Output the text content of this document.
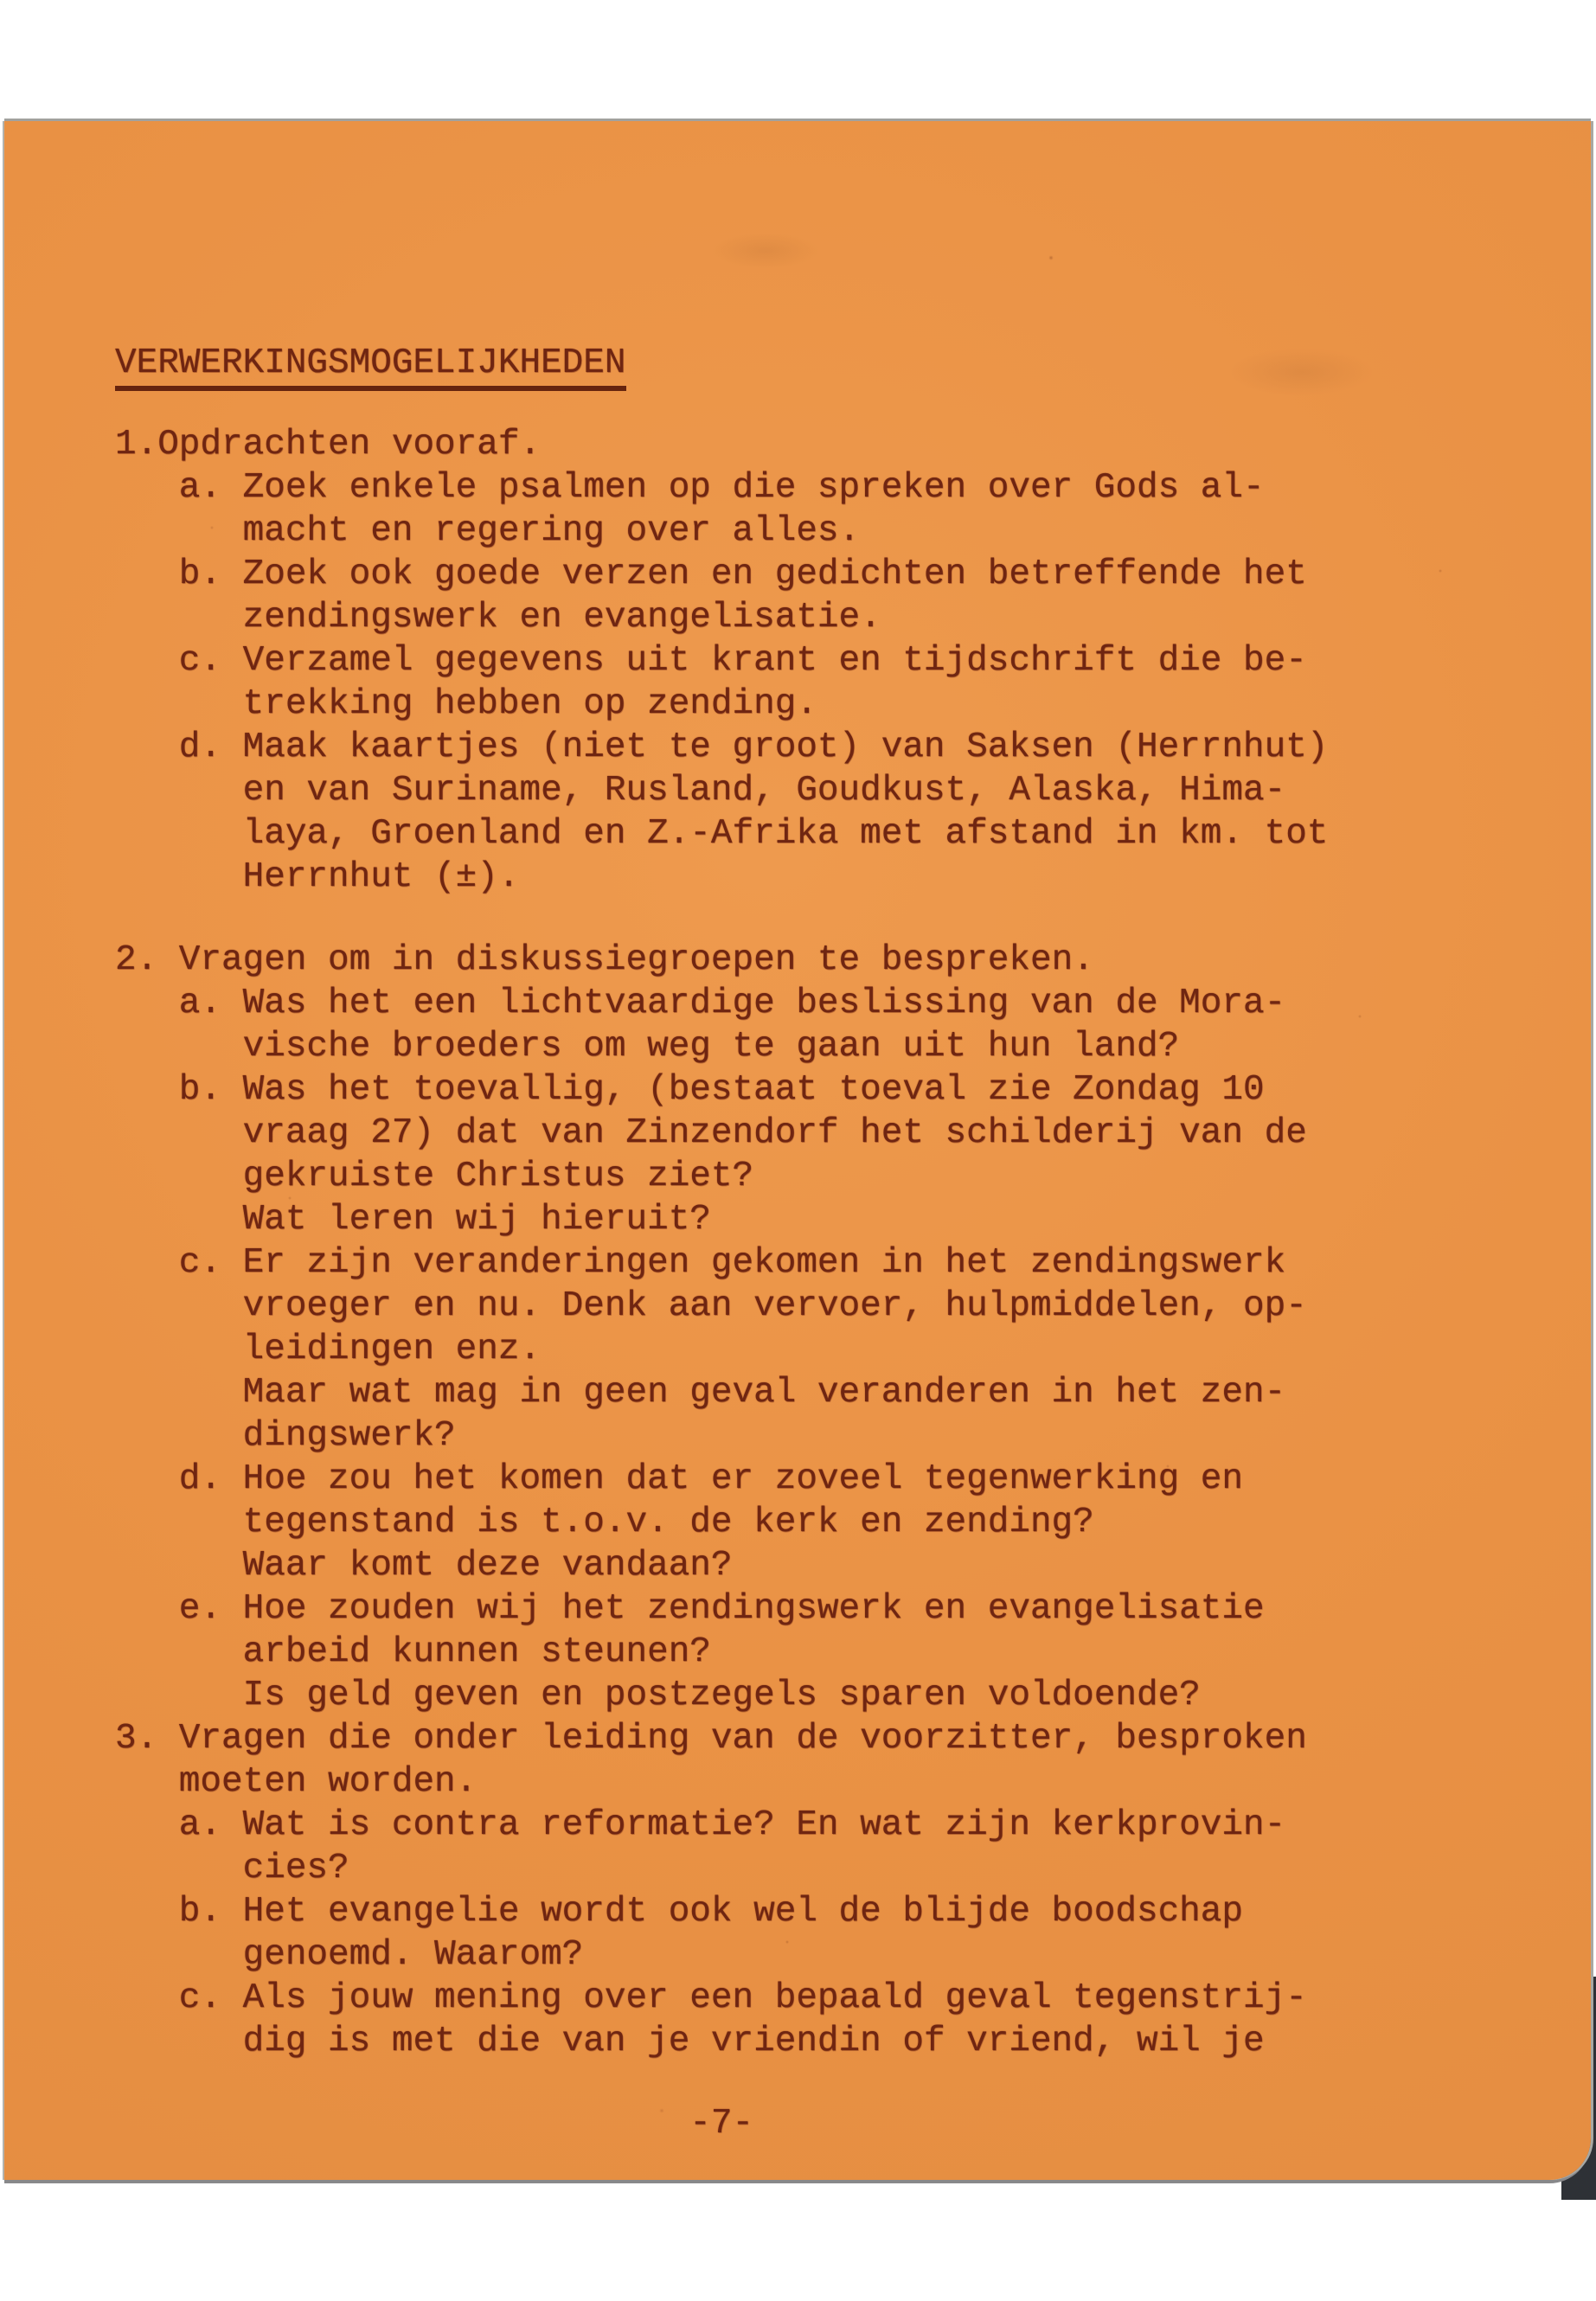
VERWERKINGSMOGELIJKHEDEN
1.Opdrachten vooraf.
a. Zoek enkele psalmen op die spreken over Gods al-
macht en regering over alles.
b. Zoek ook goede verzen en gedichten betreffende het
zendingswerk en evangelisatie.
c. Verzamel gegevens uit krant en tijdschrift die be-
trekking hebben op zending.
d. Maak kaartjes (niet te groot) van Saksen (Herrnhut)
en van Suriname, Rusland, Goudkust, Alaska, Hima-
laya, Groenland en Z.-Afrika met afstand in km. tot
Herrnhut (±).
2. Vragen om in diskussiegroepen te bespreken.
a. Was het een lichtvaardige beslissing van de Mora-
vische broeders om weg te gaan uit hun land?
b. Was het toevallig, (bestaat toeval zie Zondag 10
vraag 27) dat van Zinzendorf het schilderij van de
gekruiste Christus ziet?
Wat leren wij hieruit?
c. Er zijn veranderingen gekomen in het zendingswerk
vroeger en nu. Denk aan vervoer, hulpmiddelen, op-
leidingen enz.
Maar wat mag in geen geval veranderen in het zen-
dingswerk?
d. Hoe zou het komen dat er zoveel tegenwerking en
tegenstand is t.o.v. de kerk en zending?
Waar komt deze vandaan?
e. Hoe zouden wij het zendingswerk en evangelisatie
arbeid kunnen steunen?
Is geld geven en postzegels sparen voldoende?
3. Vragen die onder leiding van de voorzitter, besproken
moeten worden.
a. Wat is contra reformatie? En wat zijn kerkprovin-
cies?
b. Het evangelie wordt ook wel de blijde boodschap
genoemd. Waarom?
c. Als jouw mening over een bepaald geval tegenstrij-
dig is met die van je vriendin of vriend, wil je
-7-
